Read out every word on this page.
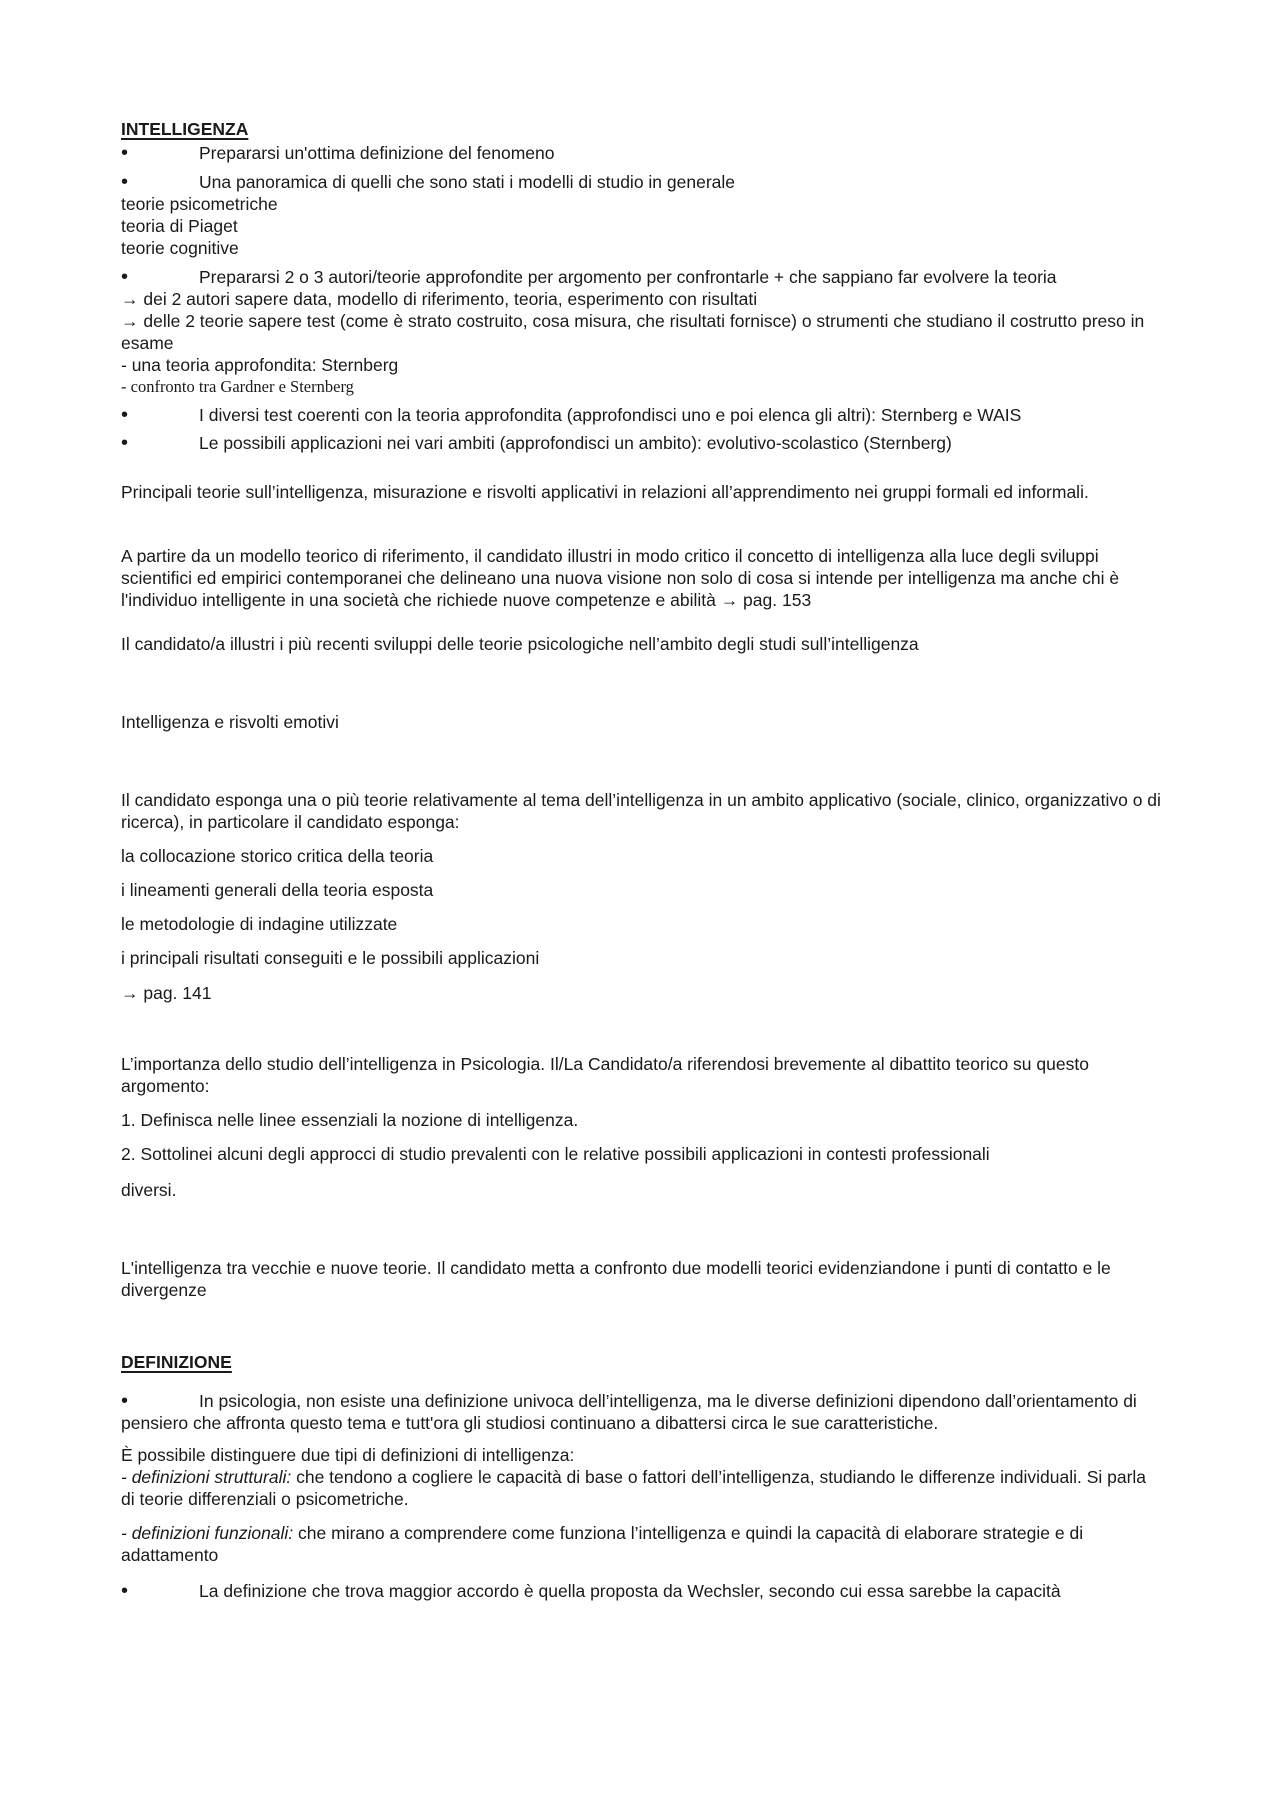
INTELLIGENZA
•	Prepararsi un'ottima definizione del fenomeno
•	Una panoramica di quelli che sono stati i modelli di studio in generale
teorie psicometriche
teoria di Piaget
teorie cognitive
•	Prepararsi 2 o 3 autori/teorie approfondite per argomento per confrontarle + che sappiano far evolvere la teoria
→ dei 2 autori sapere data, modello di riferimento, teoria, esperimento con risultati
→ delle 2 teorie sapere test (come è strato costruito, cosa misura, che risultati fornisce) o strumenti che studiano il costrutto preso in esame
- una teoria approfondita: Sternberg
- confronto tra Gardner e Sternberg
•	I diversi test coerenti con la teoria approfondita (approfondisci uno e poi elenca gli altri): Sternberg e WAIS
•	Le possibili applicazioni nei vari ambiti (approfondisci un ambito): evolutivo-scolastico (Sternberg)
Principali teorie sull’intelligenza, misurazione e risvolti applicativi in relazioni all’apprendimento nei gruppi formali ed informali.
A partire da un modello teorico di riferimento, il candidato illustri in modo critico il concetto di intelligenza alla luce degli sviluppi scientifici ed empirici contemporanei che delineano una nuova visione non solo di cosa si intende per intelligenza ma anche chi è l'individuo intelligente in una società che richiede nuove competenze e abilità → pag. 153
Il candidato/a illustri i più recenti sviluppi delle teorie psicologiche nell’ambito degli studi sull’intelligenza
Intelligenza e risvolti emotivi
Il candidato esponga una o più teorie relativamente al tema dell’intelligenza in un ambito applicativo (sociale, clinico, organizzativo o di ricerca), in particolare il candidato esponga:
la collocazione storico critica della teoria
i lineamenti generali della teoria esposta
le metodologie di indagine utilizzate
i principali risultati conseguiti e le possibili applicazioni
→ pag. 141
L’importanza dello studio dell’intelligenza in Psicologia. Il/La Candidato/a riferendosi brevemente al dibattito teorico su questo argomento:
1. Definisca nelle linee essenziali la nozione di intelligenza.
2. Sottolinei alcuni degli approcci di studio prevalenti con le relative possibili applicazioni in contesti professionali
diversi.
L'intelligenza tra vecchie e nuove teorie. Il candidato metta a confronto due modelli teorici evidenziandone i punti di contatto e le divergenze
DEFINIZIONE
•	In psicologia, non esiste una definizione univoca dell’intelligenza, ma le diverse definizioni dipendono dall’orientamento di pensiero che affronta questo tema e tutt'ora gli studiosi continuano a dibattersi circa le sue caratteristiche.
È possibile distinguere due tipi di definizioni di intelligenza:
- definizioni strutturali: che tendono a cogliere le capacità di base o fattori dell’intelligenza, studiando le differenze individuali. Si parla di teorie differenziali o psicometriche.
- definizioni funzionali: che mirano a comprendere come funziona l’intelligenza e quindi la capacità di elaborare strategie e di adattamento
•	La definizione che trova maggior accordo è quella proposta da Wechsler, secondo cui essa sarebbe la capacità
